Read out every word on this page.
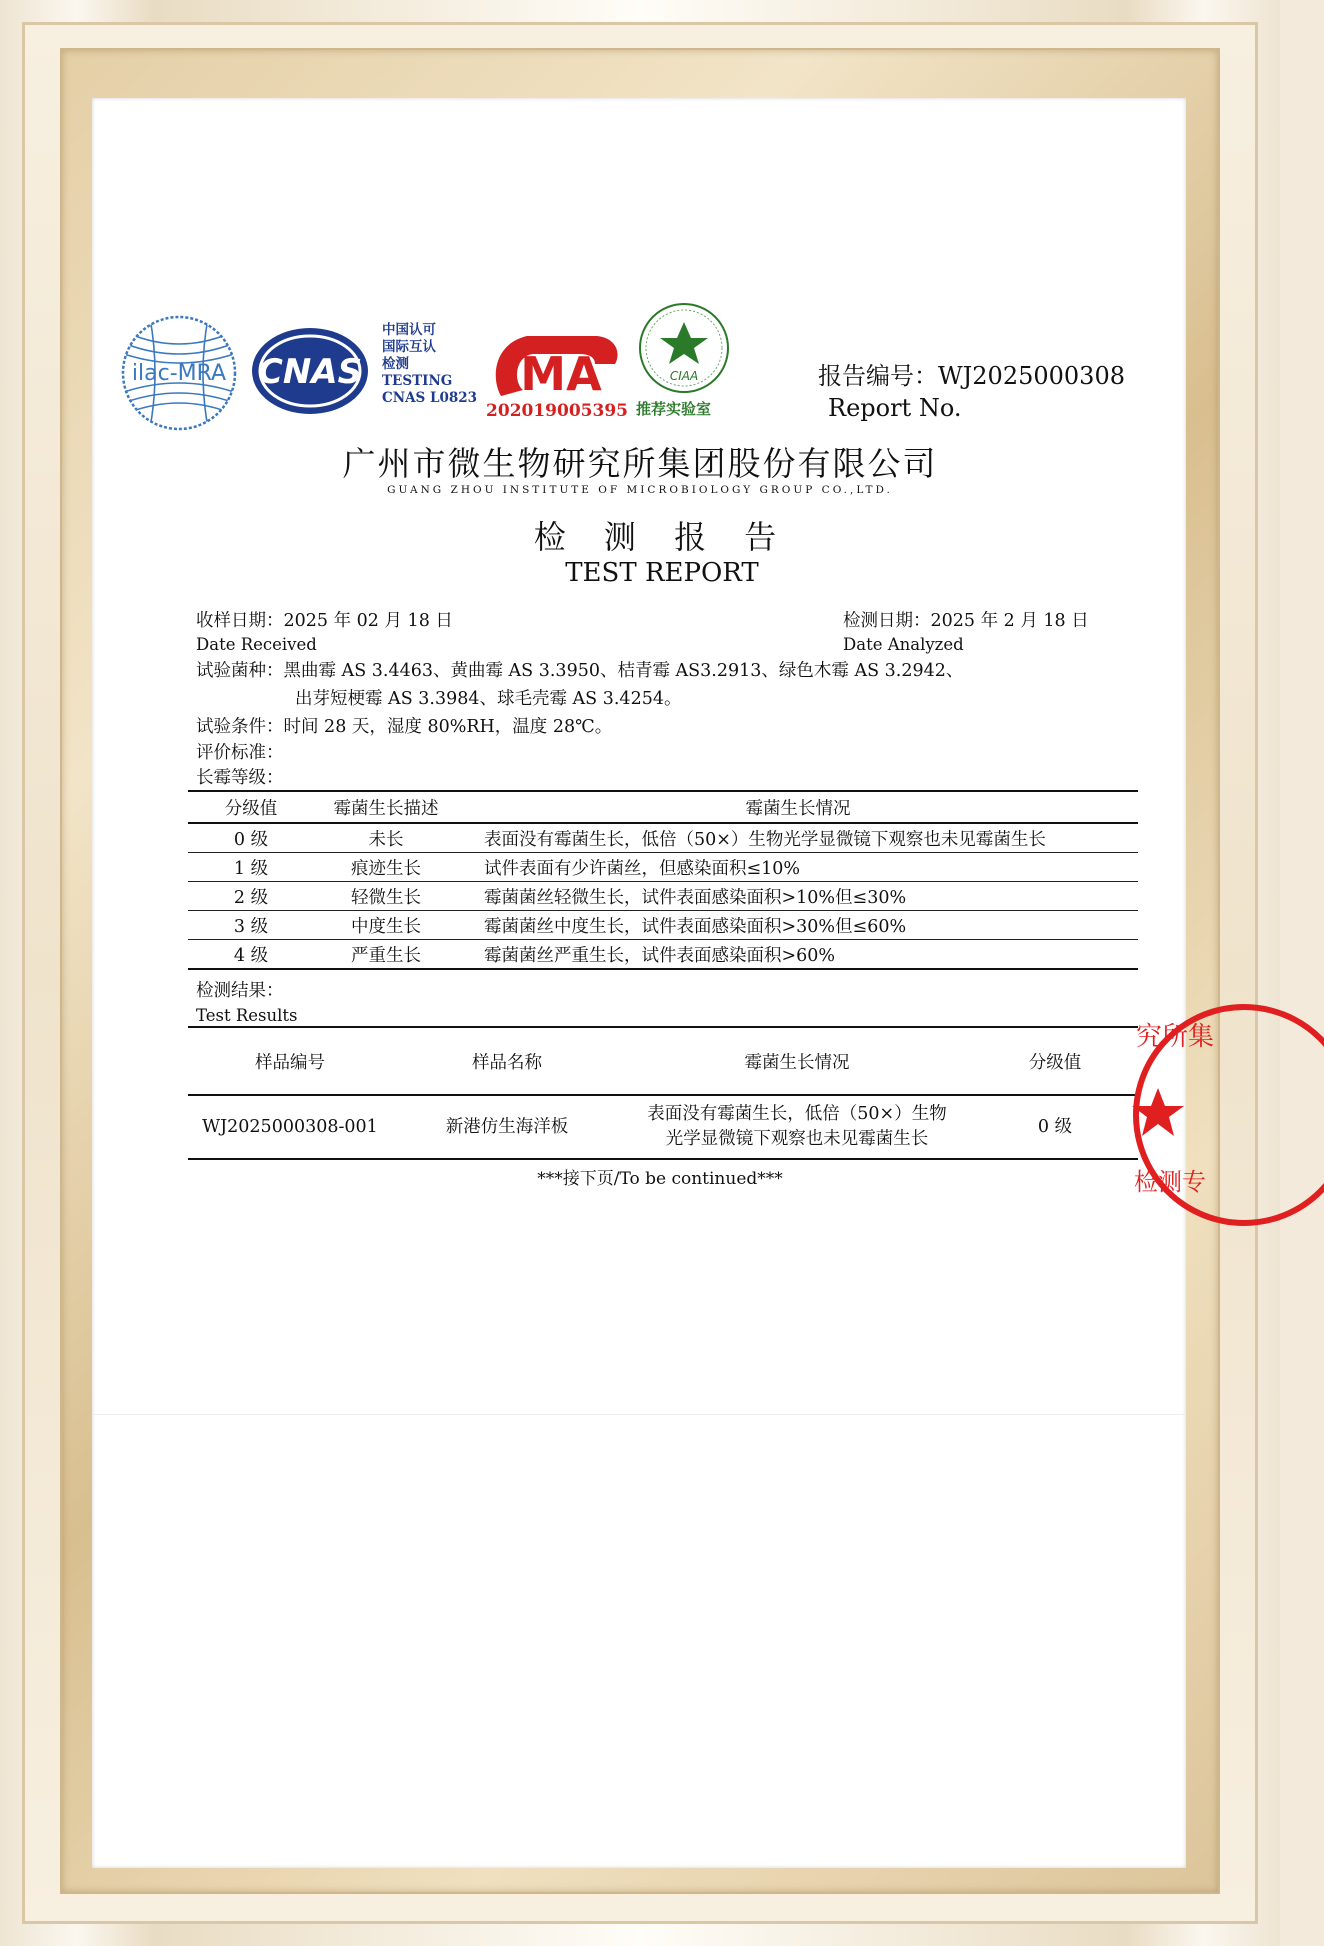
ilac-MRA CNAS
中国认可
国际互认
检测
TESTING
CNAS L0823 MA
202019005395
CIAA
推荐实验室
报告编号：WJ2025000308
Report No.
广州市微生物研究所集团股份有限公司
GUANG ZHOU INSTITUTE OF MICROBIOLOGY GROUP CO.,LTD.
检 测 报 告
TEST REPORT
收样日期：2025 年 02 月 18 日
Date Received
检测日期：2025 年 2 月 18 日
Date Analyzed
试验菌种：黑曲霉 AS 3.4463、黄曲霉 AS 3.3950、桔青霉 AS3.2913、绿色木霉 AS 3.2942、
出芽短梗霉 AS 3.3984、球毛壳霉 AS 3.4254。
试验条件：时间 28 天，湿度 80%RH，温度 28℃。
评价标准：
长霉等级：
分级值	霉菌生长描述	霉菌生长情况
0 级	未长	表面没有霉菌生长，低倍（50×）生物光学显微镜下观察也未见霉菌生长
1 级	痕迹生长	试件表面有少许菌丝，但感染面积≤10%
2 级	轻微生长	霉菌菌丝轻微生长，试件表面感染面积>10%但≤30%
3 级	中度生长	霉菌菌丝中度生长，试件表面感染面积>30%但≤60%
4 级	严重生长	霉菌菌丝严重生长，试件表面感染面积>60%
检测结果：
Test Results
样品编号	样品名称	霉菌生长情况	分级值
WJ2025000308-001	新港仿生海洋板	表面没有霉菌生长，低倍（50×）生物
光学显微镜下观察也未见霉菌生长	0 级
***接下页/To be continued***
究所集
检测专
